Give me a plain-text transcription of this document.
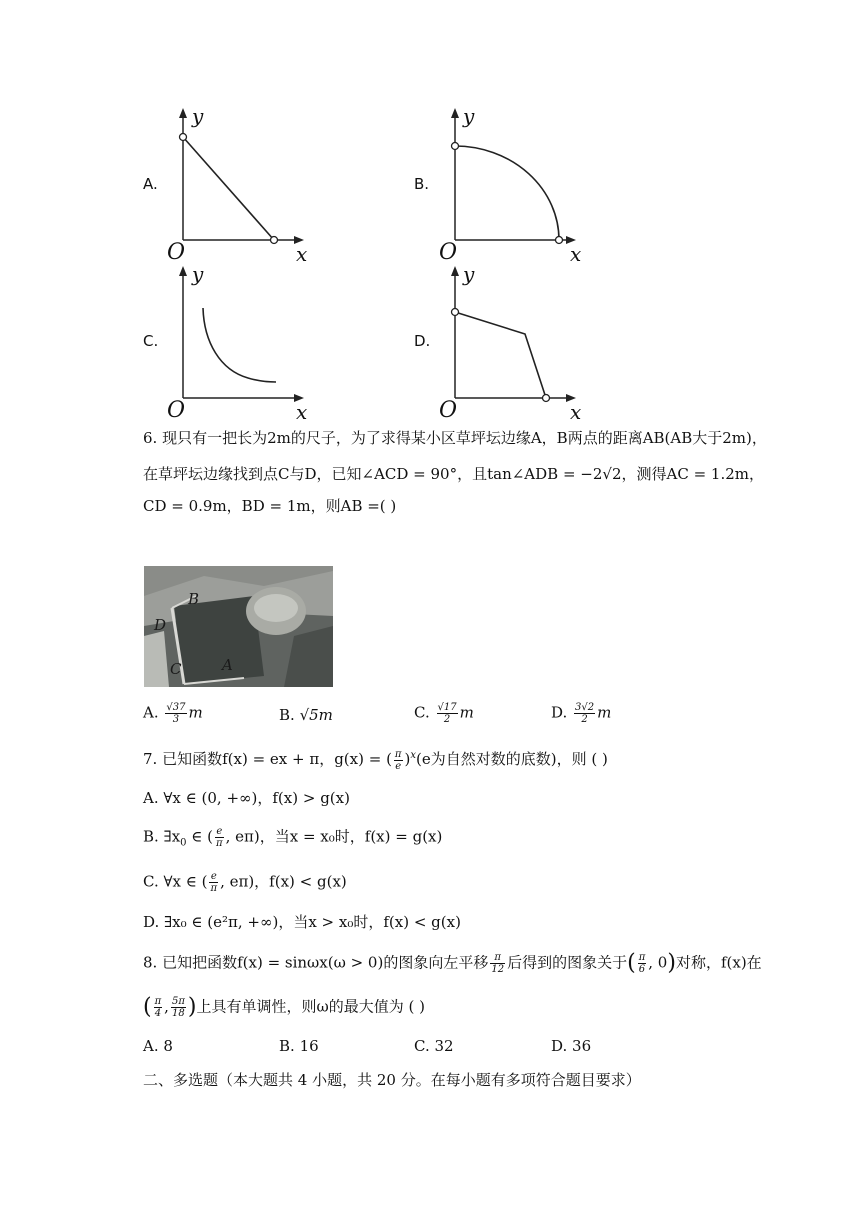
A.
y
x
O
B.
y
x
O
C.
y
x
O
D.
y
x
O
6. 现只有一把长为2m的尺子，为了求得某小区草坪坛边缘A，B两点的距离AB(AB大于2m)，
在草坪坛边缘找到点C与D，已知∠ACD = 90°，且tan∠ADB = −2√2，测得AC = 1.2m，
CD = 0.9m，BD = 1m，则AB =( )
B
D
C	A
A. $\frac{√37}{3}$ m	B. √5m	C. $\frac{√17}{2}$ m	D. $\frac{3√2}{2}$ m
7. 已知函数f(x) = ex + π，g(x) = ( $\frac{\pi}{e} )^x(e$为自然对数的底数)，则 ( )
A. ∀x ∈ (0, +∞)，f(x) > g(x)
B. $\exists x_0$ ∈ ( $\frac{e}{\pi}$ , eπ)，当x = x₀时，f(x) = g(x)
C. ∀x ∈ ( $\frac{e}{\pi}$ , eπ)，f(x) < g(x)
D. ∃x₀ ∈ (e²π, +∞)，当x > x₀时，f(x) < g(x)
8. 已知把函数f(x) = sinωx(ω > 0)的图象向左平移 $\frac{\pi}{12}$ 后得到的图象关于( $\frac{\pi}{6}$ , 0)对称，f(x)在
( $\frac{\pi}{4}$ , $\frac{5\pi}{18}$ )上具有单调性，则ω的最大值为 ( )
A. 8	B. 16	C. 32	D. 36
二、多选题（本大题共 4 小题，共 20 分。在每小题有多项符合题目要求）
